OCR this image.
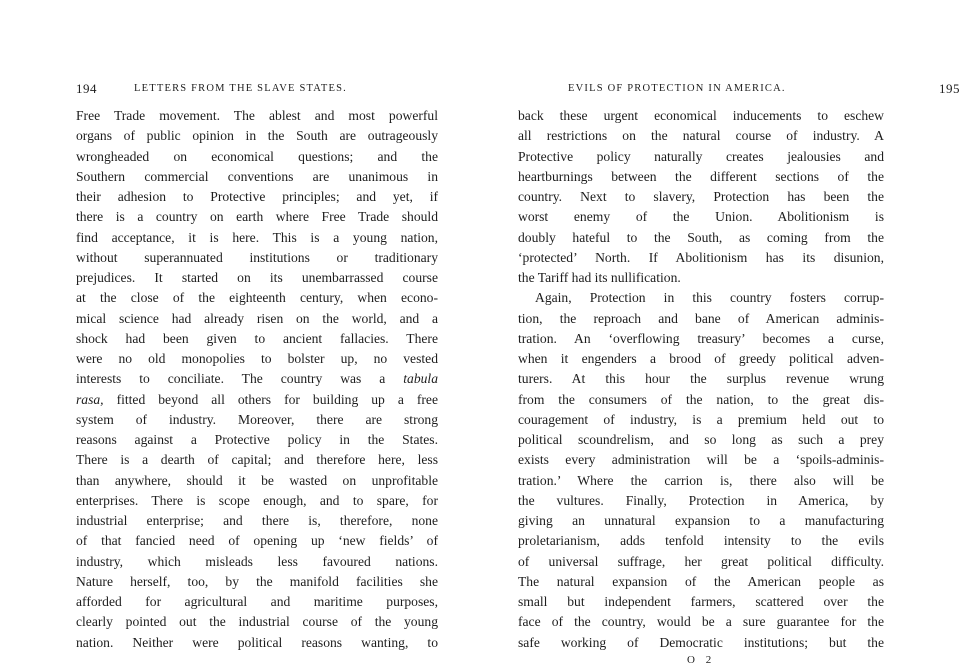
194	LETTERS FROM THE SLAVE STATES.
Free Trade movement. The ablest and most powerful
organs of public opinion in the South are outrageously
wrongheaded on economical questions; and the
Southern commercial conventions are unanimous in
their adhesion to Protective principles; and yet, if
there is a country on earth where Free Trade should
find acceptance, it is here. This is a young nation,
without superannuated institutions or traditionary
prejudices. It started on its unembarrassed course
at the close of the eighteenth century, when econo-
mical science had already risen on the world, and a
shock had been given to ancient fallacies. There
were no old monopolies to bolster up, no vested
interests to conciliate. The country was a tabula
rasa, fitted beyond all others for building up a free
system of industry. Moreover, there are strong
reasons against a Protective policy in the States.
There is a dearth of capital; and therefore here, less
than anywhere, should it be wasted on unprofitable
enterprises. There is scope enough, and to spare, for
industrial enterprise; and there is, therefore, none
of that fancied need of opening up ‘new fields’ of
industry, which misleads less favoured nations.
Nature herself, too, by the manifold facilities she
afforded for agricultural and maritime purposes,
clearly pointed out the industrial course of the young
nation. Neither were political reasons wanting, to
EVILS OF PROTECTION IN AMERICA.	195
back these urgent economical inducements to eschew
all restrictions on the natural course of industry. A
Protective policy naturally creates jealousies and
heartburnings between the different sections of the
country. Next to slavery, Protection has been the
worst enemy of the Union. Abolitionism is
doubly hateful to the South, as coming from the
‘protected’ North. If Abolitionism has its disunion,
the Tariff had its nullification.
Again, Protection in this country fosters corrup-
tion, the reproach and bane of American adminis-
tration. An ‘overflowing treasury’ becomes a curse,
when it engenders a brood of greedy political adven-
turers. At this hour the surplus revenue wrung
from the consumers of the nation, to the great dis-
couragement of industry, is a premium held out to
political scoundrelism, and so long as such a prey
exists every administration will be a ‘spoils-adminis-
tration.’ Where the carrion is, there also will be
the vultures. Finally, Protection in America, by
giving an unnatural expansion to a manufacturing
proletarianism, adds tenfold intensity to the evils
of universal suffrage, her great political difficulty.
The natural expansion of the American people as
small but independent farmers, scattered over the
face of the country, would be a sure guarantee for the
safe working of Democratic institutions; but the
O 2
